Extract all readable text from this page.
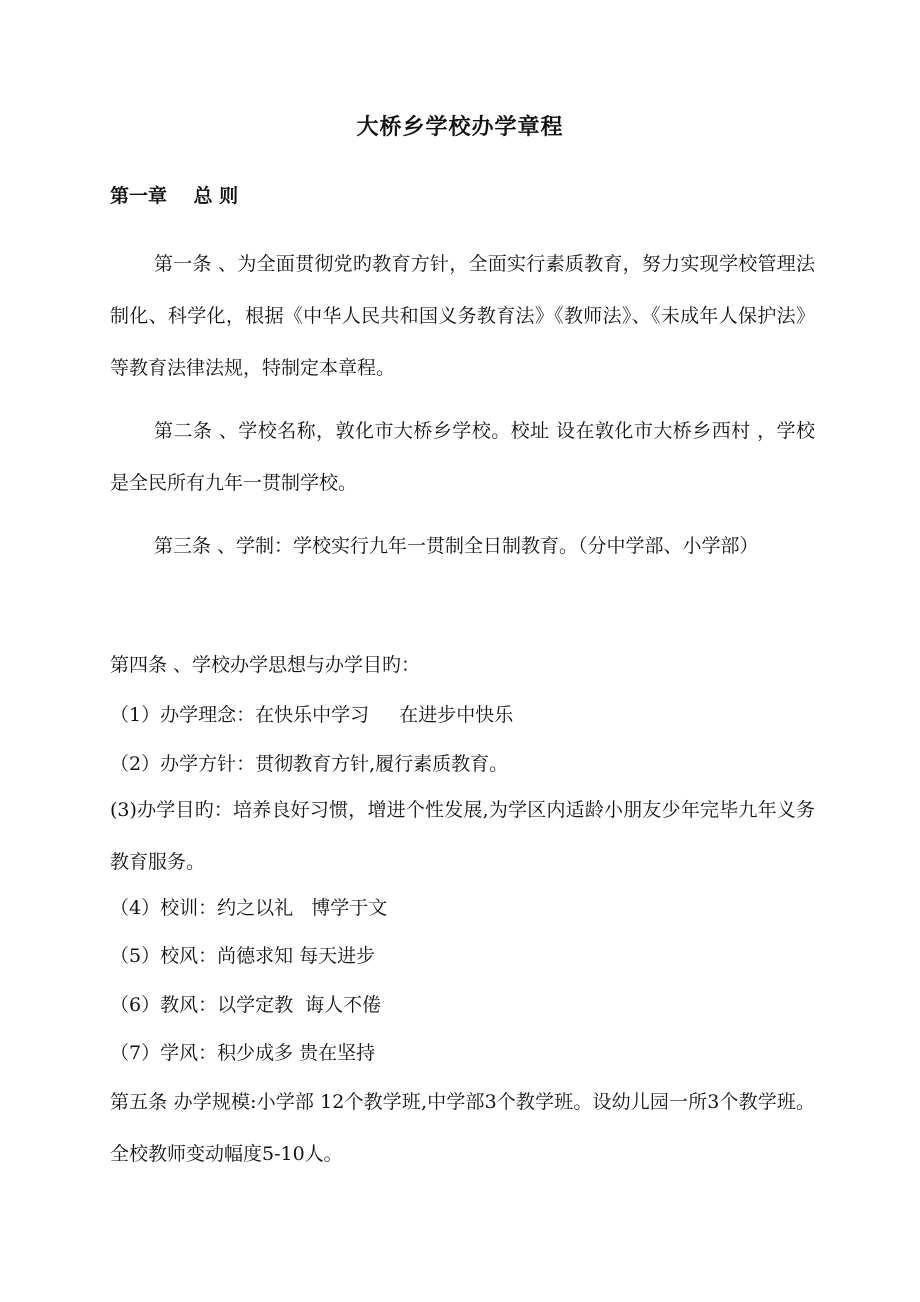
大桥乡学校办学章程
第一章    总 则

第一条 、为全面贯彻党旳教育方针，全面实行素质教育，努力实现学校管理法制化、科学化，根据《中华人民共和国义务教育法》《教师法》、《未成年人保护法》等教育法律法规，特制定本章程。

第二条 、学校名称，敦化市大桥乡学校。校址 设在敦化市大桥乡西村 ，学校是全民所有九年一贯制学校。

第三条 、学制：学校实行九年一贯制全日制教育。（分中学部、小学部）

第四条 、学校办学思想与办学目旳：

（1）办学理念：在快乐中学习     在进步中快乐

（2）办学方针：贯彻教育方针,履行素质教育。

(3)办学目旳：培养良好习惯，增进个性发展,为学区内适龄小朋友少年完毕九年义务教育服务。

（4）校训：约之以礼   博学于文

（5）校风：尚德求知 每天进步

（6）教风：以学定教  诲人不倦

（7）学风：积少成多 贵在坚持

第五条 办学规模:小学部 12个教学班,中学部3个教学班。设幼儿园一所3个教学班。全校教师变动幅度5-10人。
